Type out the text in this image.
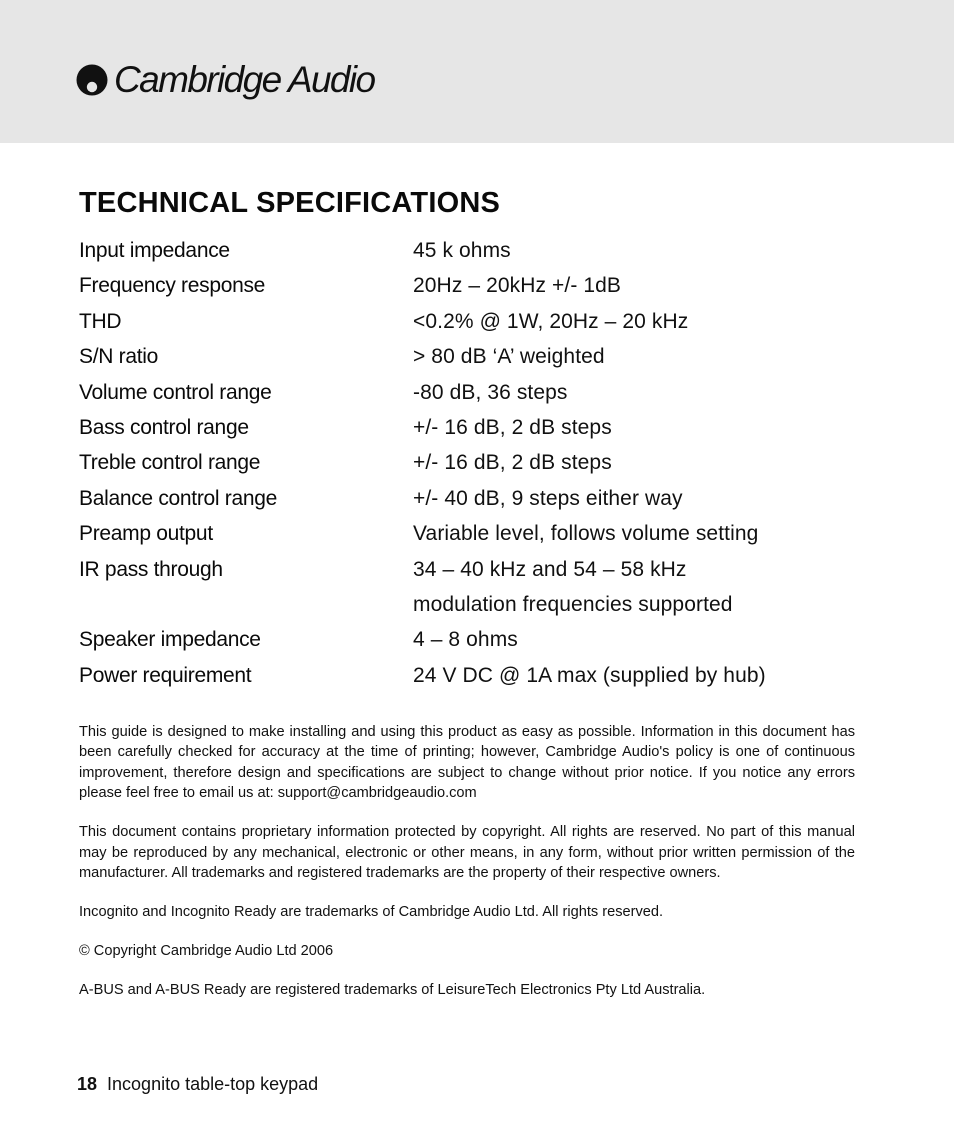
Cambridge Audio
TECHNICAL SPECIFICATIONS
Input impedance	45 k ohms
Frequency response	20Hz – 20kHz +/- 1dB
THD	<0.2% @ 1W, 20Hz – 20 kHz
S/N ratio	> 80 dB ‘A’ weighted
Volume control range	-80 dB, 36 steps
Bass control range	+/- 16 dB, 2 dB steps
Treble control range	+/- 16 dB, 2 dB steps
Balance control range	+/- 40 dB, 9 steps either way
Preamp output	Variable level, follows volume setting
IR pass through	34 – 40 kHz and 54 – 58 kHz
modulation frequencies supported
Speaker impedance	4 – 8 ohms
Power requirement	24 V DC @ 1A max (supplied by hub)

This guide is designed to make installing and using this product as easy as possible. Information in this document has been carefully checked for accuracy at the time of printing; however, Cambridge Audio's policy is one of continuous improvement, therefore design and specifications are subject to change without prior notice. If you notice any errors please feel free to email us at: support@cambridgeaudio.com

This document contains proprietary information protected by copyright. All rights are reserved. No part of this manual may be reproduced by any mechanical, electronic or other means, in any form, without prior written permission of the manufacturer. All trademarks and registered trademarks are the property of their respective owners.

Incognito and Incognito Ready are trademarks of Cambridge Audio Ltd. All rights reserved.

© Copyright Cambridge Audio Ltd 2006

A-BUS and A-BUS Ready are registered trademarks of LeisureTech Electronics Pty Ltd Australia.

18 Incognito table-top keypad
